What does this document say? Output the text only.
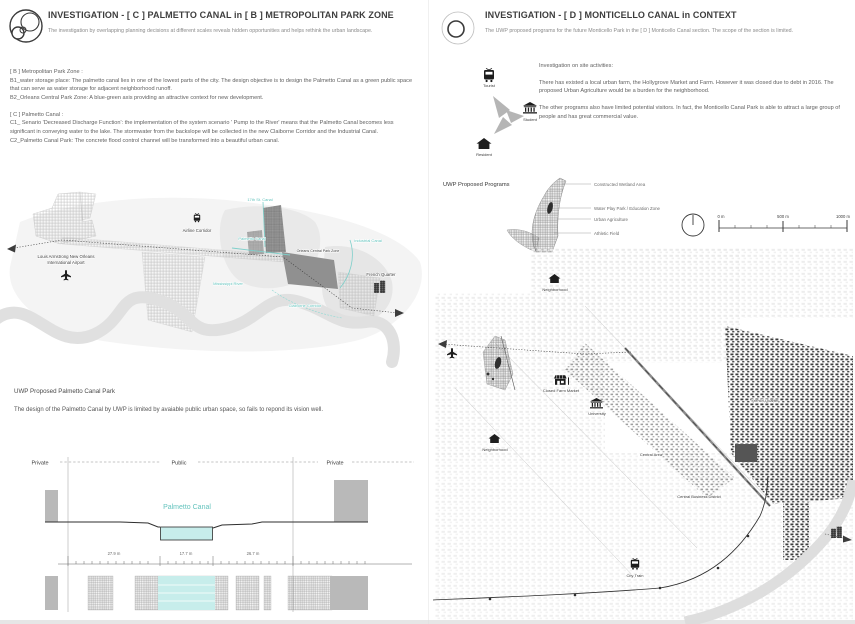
INVESTIGATION - [ C ] PALMETTO CANAL in [ B ] METROPOLITAN PARK ZONE
The investigation by overlapping planning decisions at different scales reveals hidden opportunities and helps rethink the urban landscape.

[ B ] Metropolitan Park Zone :

B1_water storage place: The palmetto canal lies in one of the lowest parts of the city. The design objective is to design the Palmetto Canal as a green public space that can serve as water storage for adjacent neighborhood runoff.

B2_Orleans Central Park Zone: A blue-green axis providing an attractive context for new development.

[ C ] Palmetto Canal :

C1_ Senario 'Decreased Discharge Function': the implementation of the system scenario ' Pump to the River' means that the Palmetto Canal becomes less significant in conveying water to the lake. The stormwater from the backslope will be collected in the new Claiborne Corridor and the Industrial Canal.

C2_Palmetto Canal Park: The concrete flood control channel will be transformed into a beautiful urban canal.

Louis Armstrong New Orleans
International Airport
Airline Corridor
17th St. Canal
Palmetto Canal	Industrial Canal
Orleans Central Park Zone
Mississippi River
Claiborne Corridor
French Quarter
UWP Proposed Palmetto Canal Park
The design of the Palmetto Canal by UWP is limited by avaiable public urban space, so fails to repond its vision well.
Private	Public	Private
Palmetto Canal
27.9 m	17.7 m	26.7 m
INVESTIGATION - [ D ] MONTICELLO CANAL in CONTEXT
The UWP proposed programs for the future Monticello Park in the [ D ] Monticello Canal section. The scope of the section is limited.
Tourist
Student
Resident

Investigation on site activities:

There has existed a local urban farm, the Hollygrove Market and Farm. However it was closed due to debt in 2016. The proposed Urban Agriculture would be a burden for the neighborhood.

The other programs also have limited potential visitors. In fact, the Monticello Canal Park is able to attract a large group of people and has great commercial value.

UWP Proposed Programs	Constructed Wetland Area
Water Play Park / Education Zone
Urban Agriculture
Athletic Field
0 m	500 m	1000 m
Closed Farm Market
University
Neighborhood
Neighborhood
French Quarter
Central Area
Central Business District
City Train
